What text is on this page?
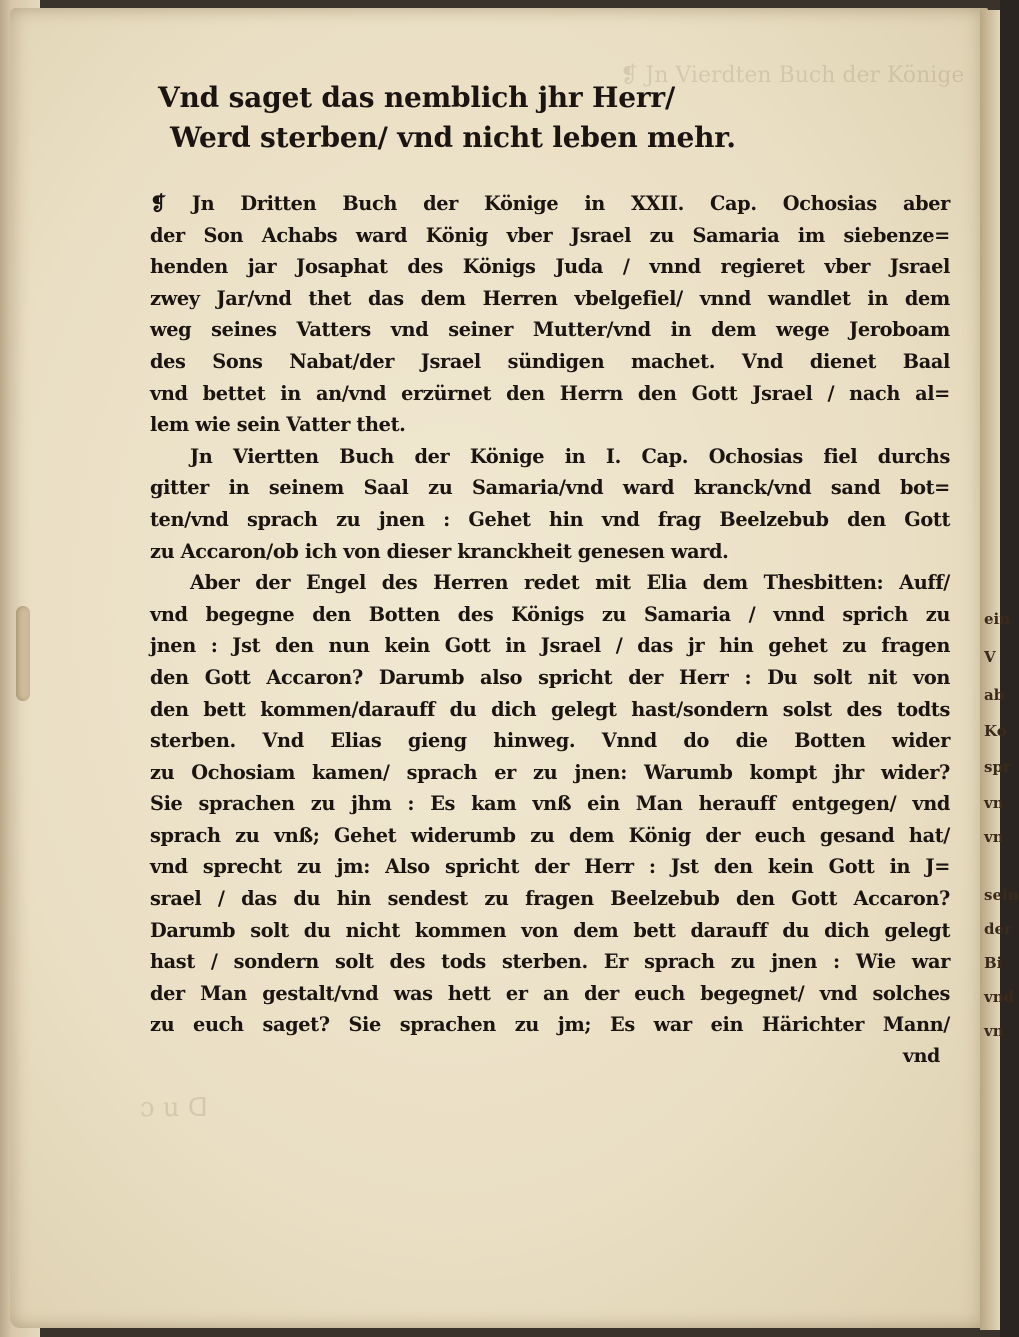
❡ Jn Vierdten Buch der Könige
ɔ u ᗡ
Vnd saget das nemblich jhr Herr/
Werd sterben/ vnd nicht leben mehr.
❡ Jn Dritten Buch der Könige in XXII. Cap. Ochosias aber
der Son Achabs ward König vber Jsrael zu Samaria im siebenze=
henden jar Josaphat des Königs Juda / vnnd regieret vber Jsrael
zwey Jar/vnd thet das dem Herren vbelgefiel/ vnnd wandlet in dem
weg seines Vatters vnd seiner Mutter/vnd in dem wege Jeroboam
des Sons Nabat/der Jsrael sündigen machet. Vnd dienet Baal
vnd bettet in an/vnd erzürnet den Herrn den Gott Jsrael / nach al=
lem wie sein Vatter thet.
Jn Viertten Buch der Könige in I. Cap. Ochosias fiel durchs
gitter in seinem Saal zu Samaria/vnd ward kranck/vnd sand bot=
ten/vnd sprach zu jnen : Gehet hin vnd frag Beelzebub den Gott
zu Accaron/ob ich von dieser kranckheit genesen ward.
Aber der Engel des Herren redet mit Elia dem Thesbitten: Auff/
vnd begegne den Botten des Königs zu Samaria / vnnd sprich zu
jnen : Jst den nun kein Gott in Jsrael / das jr hin gehet zu fragen
den Gott Accaron? Darumb also spricht der Herr : Du solt nit von
den bett kommen/darauff du dich gelegt hast/sondern solst des todts
sterben. Vnd Elias gieng hinweg. Vnnd do die Botten wider
zu Ochosiam kamen/ sprach er zu jnen: Warumb kompt jhr wider?
Sie sprachen zu jhm : Es kam vnß ein Man herauff entgegen/ vnd
sprach zu vnß; Gehet widerumb zu dem König der euch gesand hat/
vnd sprecht zu jm: Also spricht der Herr : Jst den kein Gott in J=
srael / das du hin sendest zu fragen Beelzebub den Gott Accaron?
Darumb solt du nicht kommen von dem bett darauff du dich gelegt
hast / sondern solt des tods sterben. Er sprach zu jnen : Wie war
der Man gestalt/vnd was hett er an der euch begegnet/ vnd solches
zu euch saget? Sie sprachen zu jm; Es war ein Härichter Mann/
vnd
ein
V
ab
Ko
spr
vn
vn
sein
der
Bi
vnd
vn
